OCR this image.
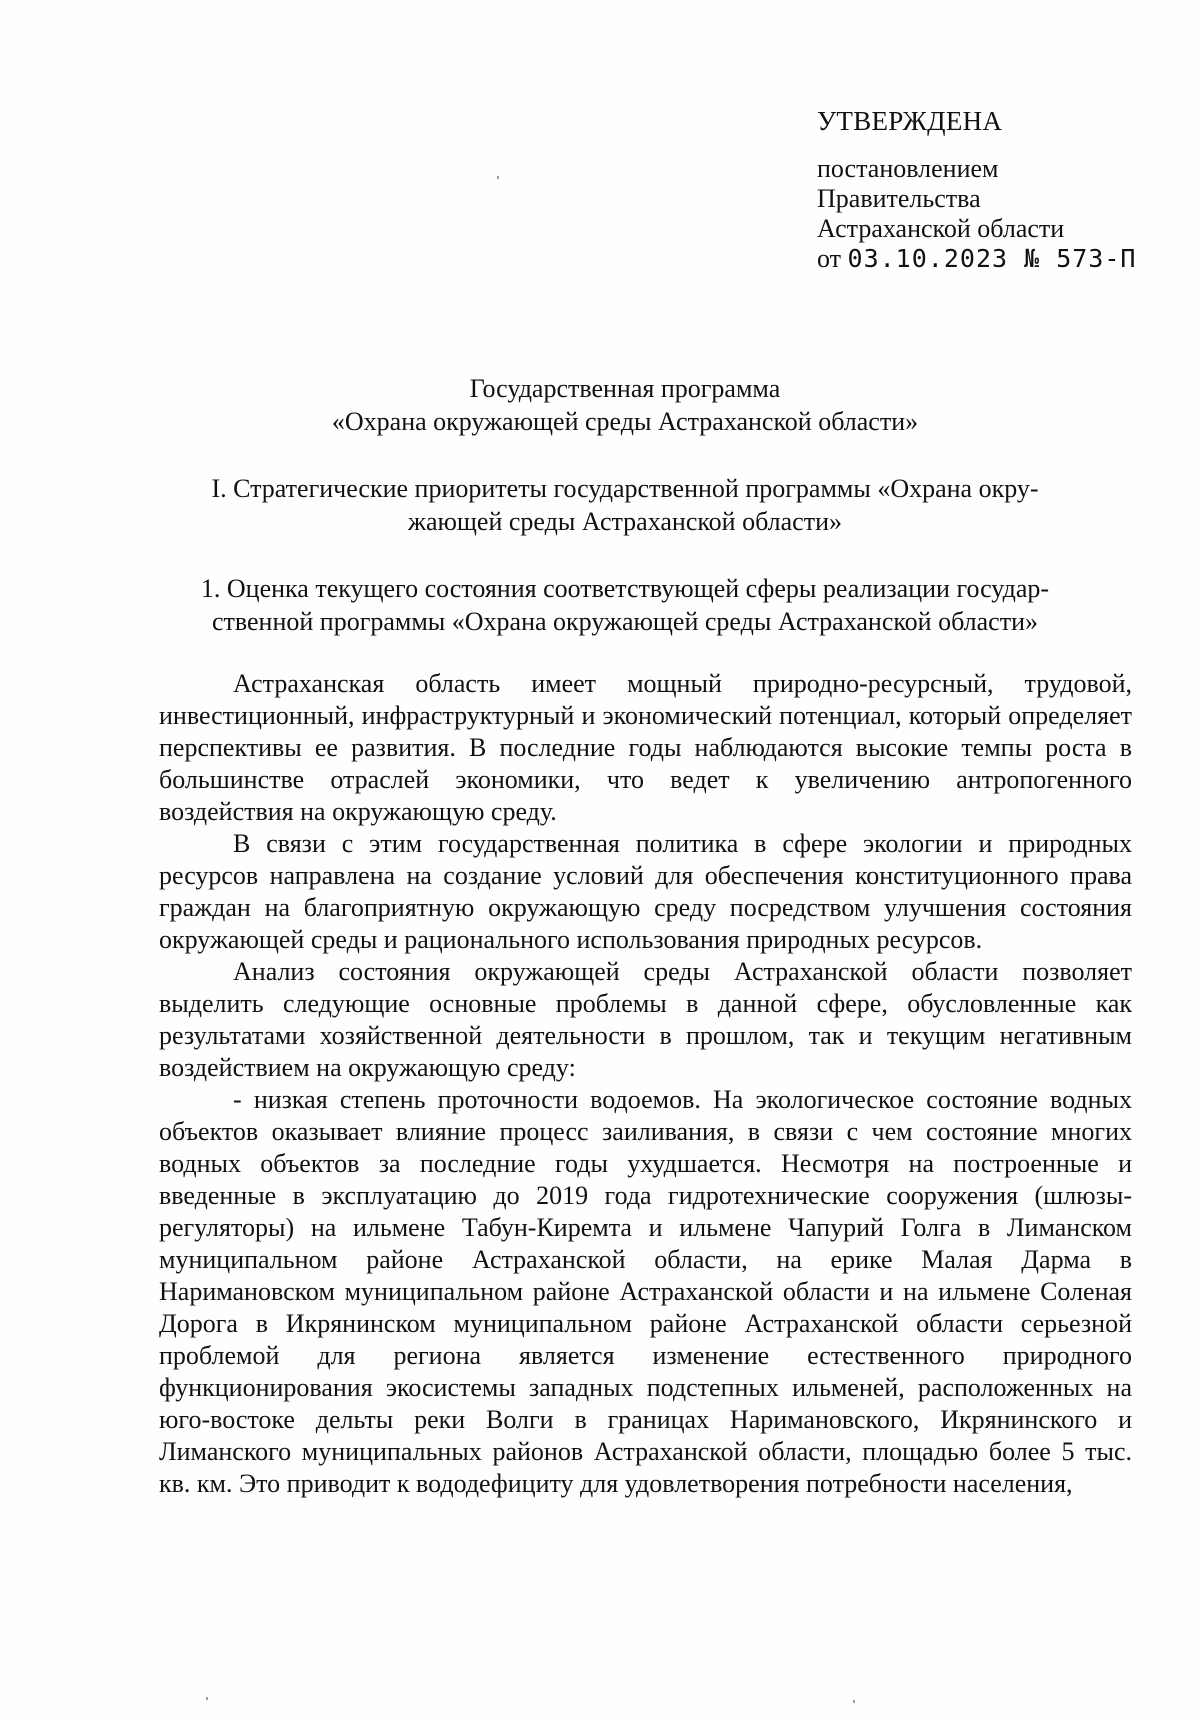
УТВЕРЖДЕНА
постановлением
Правительства
Астраханской области
от 03.10.2023 № 573-П
Государственная программа
«Охрана окружающей среды Астраханской области»
I. Стратегические приоритеты государственной программы «Охрана окру-
жающей среды Астраханской области»
1. Оценка текущего состояния соответствующей сферы реализации государ-
ственной программы «Охрана окружающей среды Астраханской области»

Астраханская область имеет мощный природно-ресурсный, трудовой, инвестиционный, инфраструктурный и экономический потенциал, который определяет перспективы ее развития. В последние годы наблюдаются высокие темпы роста в большинстве отраслей экономики, что ведет к увеличению антропогенного воздействия на окружающую среду.

В связи с этим государственная политика в сфере экологии и природных ресурсов направлена на создание условий для обеспечения конституционного права граждан на благоприятную окружающую среду посредством улучшения состояния окружающей среды и рационального использования природных ресурсов.

Анализ состояния окружающей среды Астраханской области позволяет выделить следующие основные проблемы в данной сфере, обусловленные как результатами хозяйственной деятельности в прошлом, так и текущим негативным воздействием на окружающую среду:

- низкая степень проточности водоемов. На экологическое состояние водных объектов оказывает влияние процесс заиливания, в связи с чем состояние многих водных объектов за последние годы ухудшается. Несмотря на построенные и введенные в эксплуатацию до 2019 года гидротехнические сооружения (шлюзы-регуляторы) на ильмене Табун-Киремта и ильмене Чапурий Голга в Лиманском муниципальном районе Астраханской области, на ерике Малая Дарма в Наримановском муниципальном районе Астраханской области и на ильмене Соленая Дорога в Икрянинском муниципальном районе Астраханской области серьезной проблемой для региона является изменение естественного природного функционирования экосистемы западных подстепных ильменей, расположенных на юго-востоке дельты реки Волги в границах Наримановского, Икрянинского и Лиманского муниципальных районов Астраханской области, площадью более 5 тыс. кв. км. Это приводит к вододефициту для удовлетворения потребности населения,
